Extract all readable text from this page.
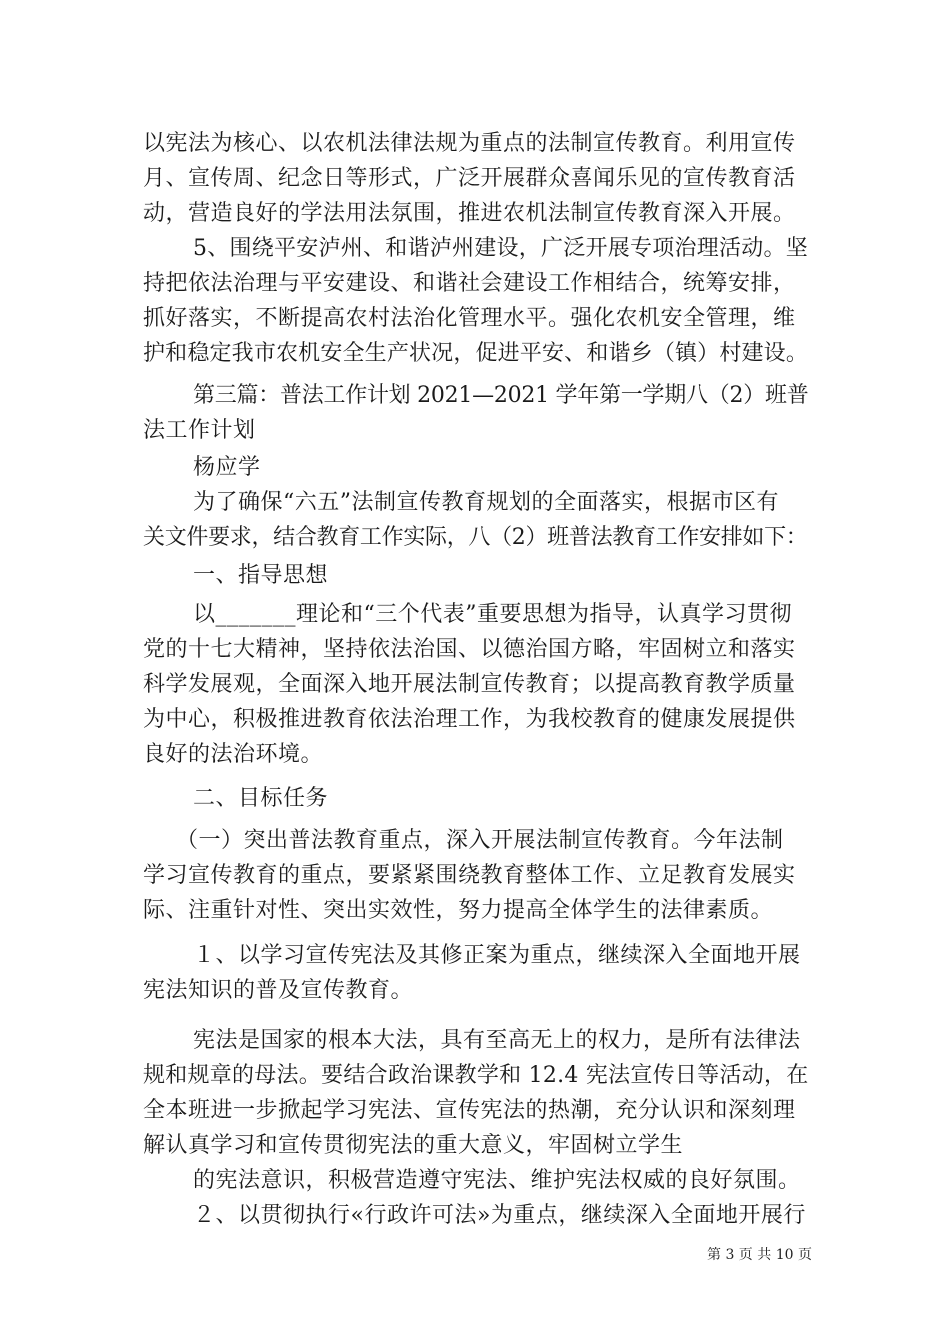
以宪法为核心、以农机法律法规为重点的法制宣传教育。利用宣传
月、宣传周、纪念日等形式，广泛开展群众喜闻乐见的宣传教育活
动，营造良好的学法用法氛围，推进农机法制宣传教育深入开展。
5、围绕平安泸州、和谐泸州建设，广泛开展专项治理活动。坚
持把依法治理与平安建设、和谐社会建设工作相结合，统筹安排，
抓好落实，不断提高农村法治化管理水平。强化农机安全管理，维
护和稳定我市农机安全生产状况，促进平安、和谐乡（镇）村建设。
第三篇：普法工作计划 2021—2021 学年第一学期八（2）班普
法工作计划
杨应学
为了确保“六五”法制宣传教育规划的全面落实，根据市区有
关文件要求，结合教育工作实际，八（2）班普法教育工作安排如下：
一、指导思想
以_______理论和“三个代表”重要思想为指导，认真学习贯彻
党的十七大精神，坚持依法治国、以德治国方略，牢固树立和落实
科学发展观，全面深入地开展法制宣传教育；以提高教育教学质量
为中心，积极推进教育依法治理工作，为我校教育的健康发展提供
良好的法治环境。
二、目标任务
（一）突出普法教育重点，深入开展法制宣传教育。今年法制
学习宣传教育的重点，要紧紧围绕教育整体工作、立足教育发展实
际、注重针对性、突出实效性，努力提高全体学生的法律素质。
１、以学习宣传宪法及其修正案为重点，继续深入全面地开展
宪法知识的普及宣传教育。
宪法是国家的根本大法，具有至高无上的权力，是所有法律法
规和规章的母法。要结合政治课教学和 12.4 宪法宣传日等活动，在
全本班进一步掀起学习宪法、宣传宪法的热潮，充分认识和深刻理
解认真学习和宣传贯彻宪法的重大意义，牢固树立学生
的宪法意识，积极营造遵守宪法、维护宪法权威的良好氛围。
２、以贯彻执行«行政许可法»为重点，继续深入全面地开展行
第 3 页 共 10 页
